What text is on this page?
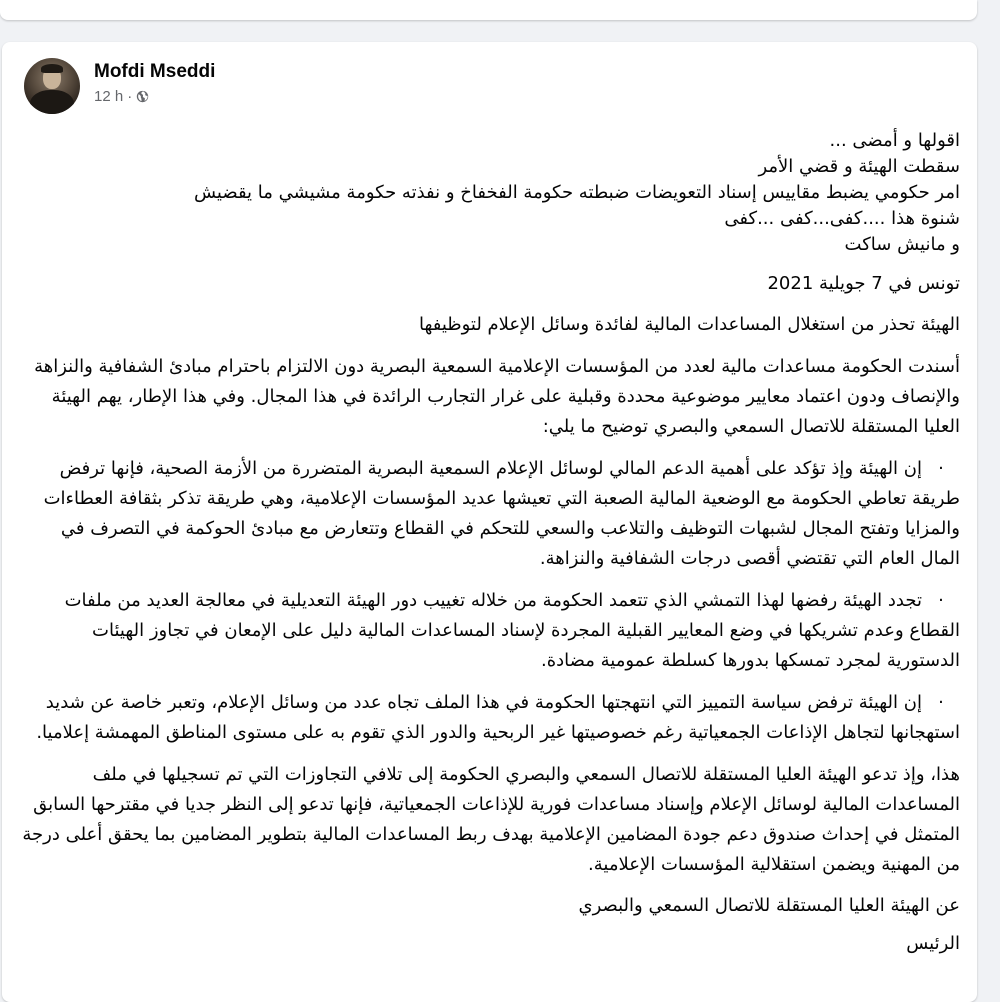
Mofdi Mseddi
12 h ·
اقولها و أمضى ...
سقطت الهيئة و قضي الأمر
امر حكومي يضبط مقاييس إسناد التعويضات ضبطته حكومة الفخفاخ و نفذته حكومة مشيشي ما يقضيش
شنوة هذا ....كفى...كفى ...كفى
و مانيش ساكت
تونس في 7 جويلية 2021
الهيئة تحذر من استغلال المساعدات المالية لفائدة وسائل الإعلام لتوظيفها
أسندت الحكومة مساعدات مالية لعدد من المؤسسات الإعلامية السمعية البصرية دون الالتزام باحترام مبادئ الشفافية والنزاهة والإنصاف ودون اعتماد معايير موضوعية محددة وقبلية على غرار التجارب الرائدة في هذا المجال. وفي هذا الإطار، يهم الهيئة العليا المستقلة للاتصال السمعي والبصري توضيح ما يلي:
·إن الهيئة وإذ تؤكد على أهمية الدعم المالي لوسائل الإعلام السمعية البصرية المتضررة من الأزمة الصحية، فإنها ترفض طريقة تعاطي الحكومة مع الوضعية المالية الصعبة التي تعيشها عديد المؤسسات الإعلامية، وهي طريقة تذكر بثقافة العطاءات والمزايا وتفتح المجال لشبهات التوظيف والتلاعب والسعي للتحكم في القطاع وتتعارض مع مبادئ الحوكمة في التصرف في المال العام التي تقتضي أقصى درجات الشفافية والنزاهة.
·تجدد الهيئة رفضها لهذا التمشي الذي تتعمد الحكومة من خلاله تغييب دور الهيئة التعديلية في معالجة العديد من ملفات القطاع وعدم تشريكها في وضع المعايير القبلية المجردة لإسناد المساعدات المالية دليل على الإمعان في تجاوز الهيئات الدستورية لمجرد تمسكها بدورها كسلطة عمومية مضادة.
·إن الهيئة ترفض سياسة التمييز التي انتهجتها الحكومة في هذا الملف تجاه عدد من وسائل الإعلام، وتعبر خاصة عن شديد استهجانها لتجاهل الإذاعات الجمعياتية رغم خصوصيتها غير الربحية والدور الذي تقوم به على مستوى المناطق المهمشة إعلاميا.
هذا، وإذ تدعو الهيئة العليا المستقلة للاتصال السمعي والبصري الحكومة إلى تلافي التجاوزات التي تم تسجيلها في ملف المساعدات المالية لوسائل الإعلام وإسناد مساعدات فورية للإذاعات الجمعياتية، فإنها تدعو إلى النظر جديا في مقترحها السابق المتمثل في إحداث صندوق دعم جودة المضامين الإعلامية بهدف ربط المساعدات المالية بتطوير المضامين بما يحقق أعلى درجة من المهنية ويضمن استقلالية المؤسسات الإعلامية.
عن الهيئة العليا المستقلة للاتصال السمعي والبصري
الرئيس
